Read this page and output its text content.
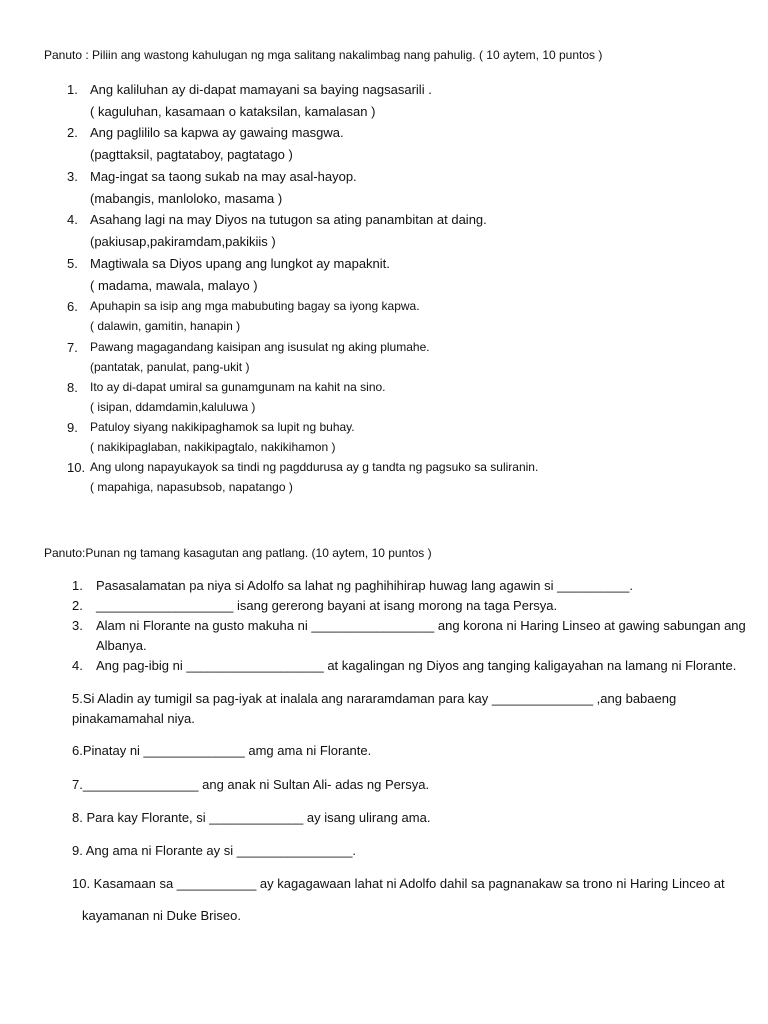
Panuto : Piliin ang wastong kahulugan ng mga salitang nakalimbag nang pahulig. ( 10 aytem, 10 puntos )
1. Ang kaliluhan ay di-dapat mamayani sa baying nagsasarili .
( kaguluhan, kasamaan o kataksilan, kamalasan )
2. Ang paglililo sa kapwa ay gawaing masgwa.
(pagttaksil, pagtataboy, pagtatago )
3. Mag-ingat sa taong sukab na may asal-hayop.
(mabangis, manloloko, masama )
4. Asahang lagi na may Diyos na tutugon sa ating panambitan at daing.
(pakiusap,pakiramdam,pakikiis )
5. Magtiwala sa Diyos upang ang lungkot ay mapaknit.
( madama, mawala, malayo )
6. Apuhapin sa isip ang mga mabubuting bagay sa iyong kapwa.
( dalawin, gamitin, hanapin )
7. Pawang magagandang kaisipan ang isusulat ng aking plumahe.
(pantatak, panulat, pang-ukit )
8. Ito ay di-dapat umiral sa gunamgunam na kahit na sino.
( isipan, ddamdamin,kaluluwa )
9. Patuloy siyang nakikipaghamok sa lupit ng buhay.
( nakikipaglaban, nakikipagtalo, nakikihamon )
10. Ang ulong napayukayok sa tindi ng pagddurusa ay g tandta ng pagsuko sa suliranin.
( mapahiga, napasubsob, napatango )
Panuto:Punan ng tamang kasagutan ang patlang. (10 aytem, 10 puntos )
1. Pasasalamatan pa niya si Adolfo sa lahat ng paghihihirap huwag lang agawin si __________.
2. ___________________ isang gererong bayani at isang morong na taga Persya.
3. Alam ni Florante na gusto makuha ni _________________ ang korona ni Haring Linseo at gawing sabungan ang
Albanya.
4. Ang pag-ibig ni ___________________ at kagalingan ng Diyos ang tanging kaligayahan na lamang ni Florante.
5.Si Aladin ay tumigil sa pag-iyak at inalala ang nararamdaman para kay ______________ ,ang babaeng
pinakamamahal niya.
6.Pinatay ni ______________ amg ama ni Florante.
7.________________ ang anak ni Sultan Ali- adas ng Persya.
8. Para kay Florante, si _____________ ay isang ulirang ama.
9. Ang ama ni Florante ay si ________________.
10. Kasamaan sa ___________ ay kagagawaan lahat ni Adolfo dahil sa pagnanakaw sa trono ni Haring Linceo at
kayamanan ni Duke Briseo.
